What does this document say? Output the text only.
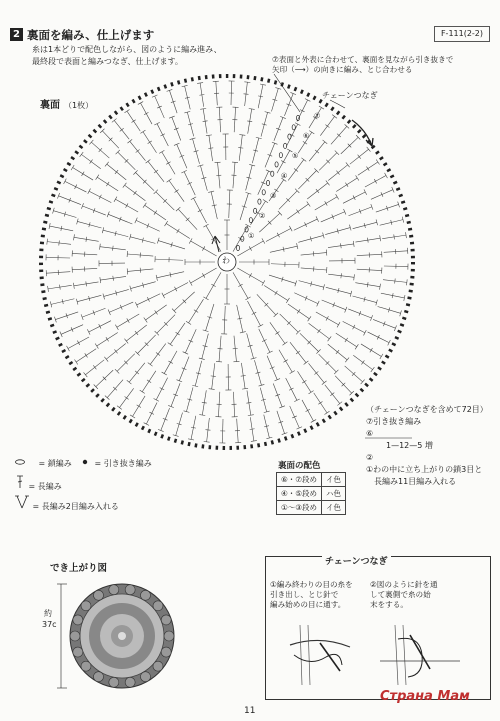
2 裏面を編み、仕上げます	F-111(2-2)
糸は1本どりで配色しながら、図のように編み進み、
最終段で表面と編みつなぎ、仕上げます。	⑦表面と外表に合わせて、裏面を見ながら引き抜きで
矢印（⟶）の向きに編み、とじ合わせる
裏面 （1枚）
チェーンつなぎ
わ
⑦
⑥
⑤
④
③
②
①
（チェーンつなぎを含めて72目）
⑦引き抜き編み
⑥
1—12—5 増
②
①わの中に立ち上がりの鎖3目と
長編み11目編み入れる
= 鎖編み	= 引き抜き編み
= 長編み
= 長編み2目編み入れる
裏面の配色
⑥・⑦段め	イ色
④・⑤段め	ハ色
①～③段め	イ色
でき上がり図
約
37c
チェーンつなぎ
①編み終わりの目の糸を
引き出し、とじ針で
編み始めの目に通す。
②図のように針を通
して裏側で糸の始
末をする。
11
Страна Мам
